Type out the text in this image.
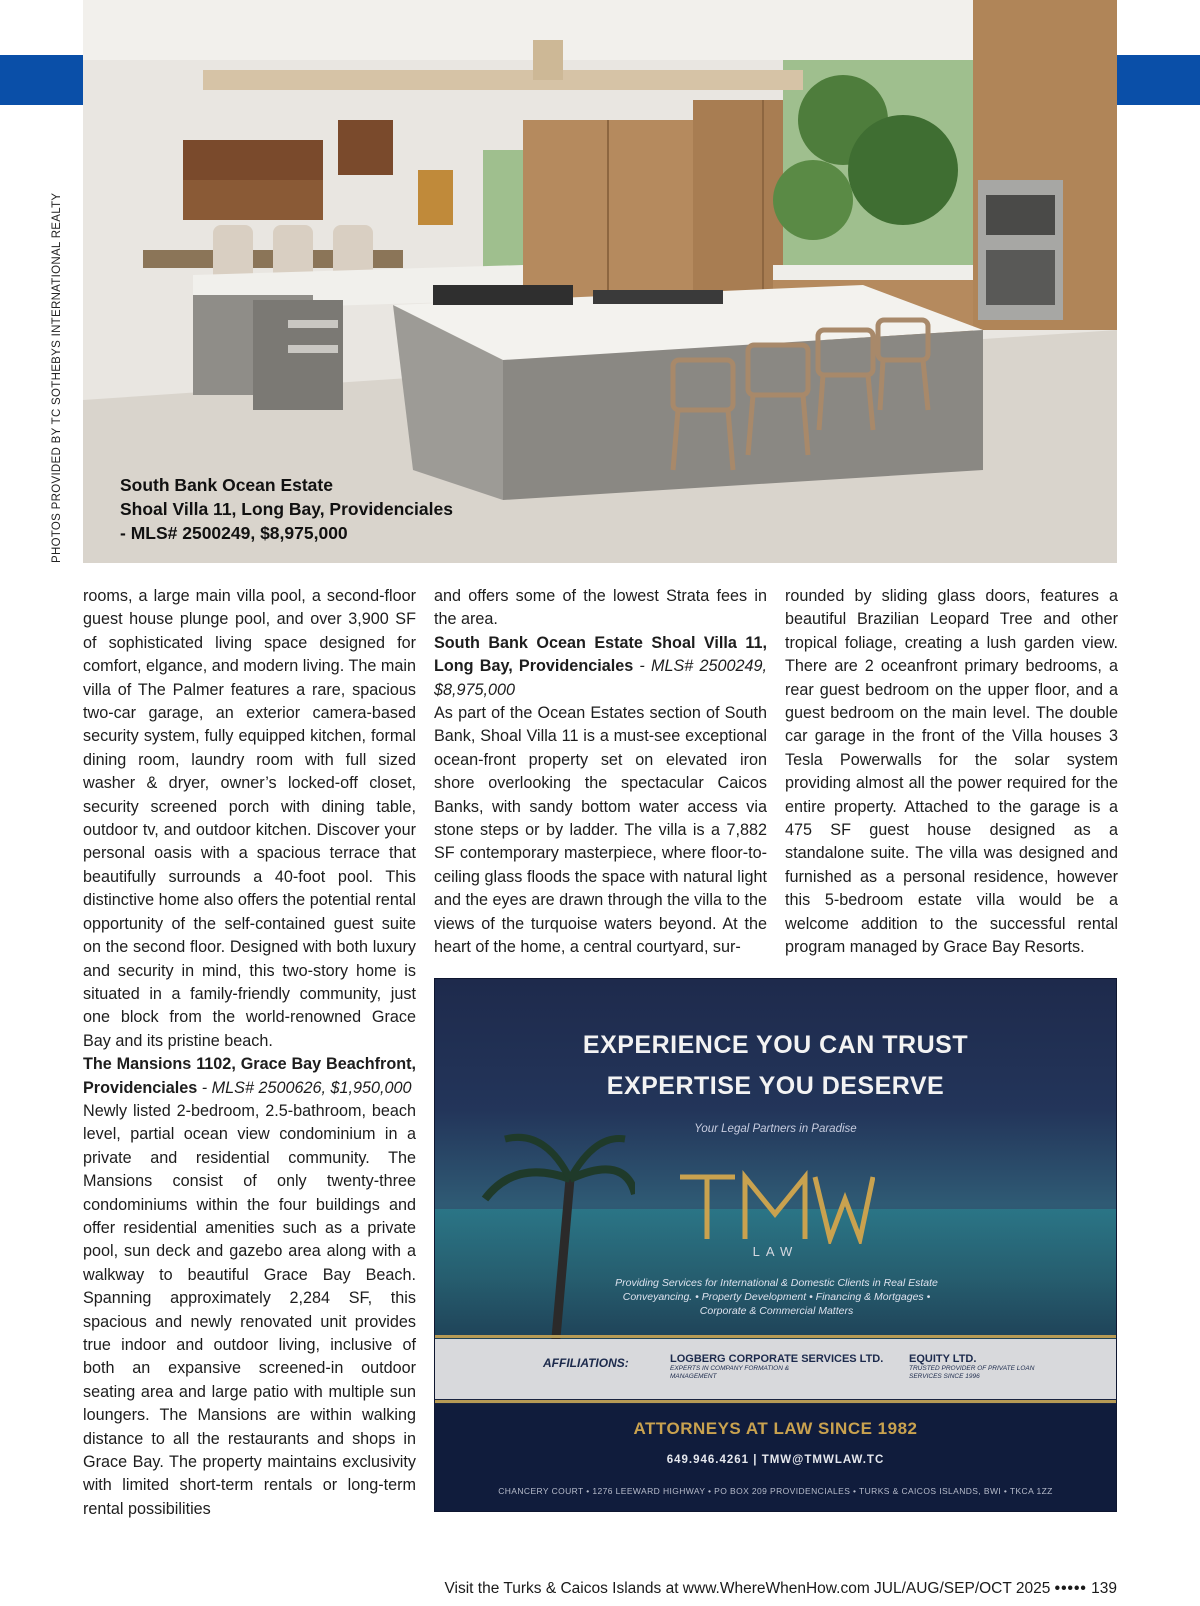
PHOTOS PROVIDED BY TC SOTHEBYS INTERNATIONAL REALTY	South Bank Ocean Estate
Shoal Villa 11, Long Bay, Providenciales
- MLS# 2500249, $8,975,000

rooms, a large main villa pool, a second-floor guest house plunge pool, and over 3,900 SF of sophisticated living space designed for comfort, elgance, and modern living. The main villa of The Palmer features a rare, spacious two-car garage, an exterior camera-based security system, fully equipped kitchen, formal dining room, laundry room with full sized washer & dryer, owner’s locked-off closet, security screened porch with dining table, outdoor tv, and outdoor kitchen. Discover your personal oasis with a spacious terrace that beautifully surrounds a 40-foot pool. This distinctive home also offers the potential rental opportunity of the self-contained guest suite on the second floor. Designed with both luxury and security in mind, this two-story home is situated in a family-friendly community, just one block from the world-renowned Grace Bay and its pristine beach.

The Mansions 1102, Grace Bay Beachfront, Providenciales - MLS# 2500626, $1,950,000

Newly listed 2-bedroom, 2.5-bathroom, beach level, partial ocean view condominium in a private and residential community. The Mansions consist of only twenty-three condominiums within the four buildings and offer residential amenities such as a private pool, sun deck and gazebo area along with a walkway to beautiful Grace Bay Beach. Spanning approximately 2,284 SF, this spacious and newly renovated unit provides true indoor and outdoor living, inclusive of both an expansive screened-in outdoor seating area and large patio with multiple sun loungers. The Mansions are within walking distance to all the restaurants and shops in Grace Bay. The property maintains exclusivity with limited short-term rentals or long-term rental possibilities

and offers some of the lowest Strata fees in the area.

South Bank Ocean Estate Shoal Villa 11, Long Bay, Providenciales - MLS# 2500249, $8,975,000

As part of the Ocean Estates section of South Bank, Shoal Villa 11 is a must-see exceptional ocean-front property set on elevated iron shore overlooking the spectacular Caicos Banks, with sandy bottom water access via stone steps or by ladder. The villa is a 7,882 SF contemporary masterpiece, where floor-to-ceiling glass floods the space with natural light and the eyes are drawn through the villa to the views of the turquoise waters beyond. At the heart of the home, a central courtyard, sur-

rounded by sliding glass doors, features a beautiful Brazilian Leopard Tree and other tropical foliage, creating a lush garden view. There are 2 oceanfront primary bedrooms, a rear guest bedroom on the upper floor, and a guest bedroom on the main level. The double car garage in the front of the Villa houses 3 Tesla Powerwalls for the solar system providing almost all the power required for the entire property. Attached to the garage is a 475 SF guest house designed as a standalone suite. The villa was designed and furnished as a personal residence, however this 5-bedroom estate villa would be a welcome addition to the successful rental program managed by Grace Bay Resorts.

EXPERIENCE YOU CAN TRUST
EXPERTISE YOU DESERVE
Your Legal Partners in Paradise
LAW
Providing Services for International & Domestic Clients in Real Estate
Conveyancing. • Property Development • Financing & Mortgages •
Corporate & Commercial Matters
AFFILIATIONS:	LOGBERG CORPORATE SERVICES LTD.
EXPERTS IN COMPANY FORMATION & MANAGEMENT
EQUITY LTD.
TRUSTED PROVIDER OF PRIVATE LOAN SERVICES SINCE 1996
ATTORNEYS AT LAW SINCE 1982
649.946.4261 | TMW@TMWLAW.TC
CHANCERY COURT • 1276 LEEWARD HIGHWAY • PO BOX 209 PROVIDENCIALES • TURKS & CAICOS ISLANDS, BWI • TKCA 1ZZ
Visit the Turks & Caicos Islands at www.WhereWhenHow.com JUL/AUG/SEP/OCT 2025 ••••• 139
